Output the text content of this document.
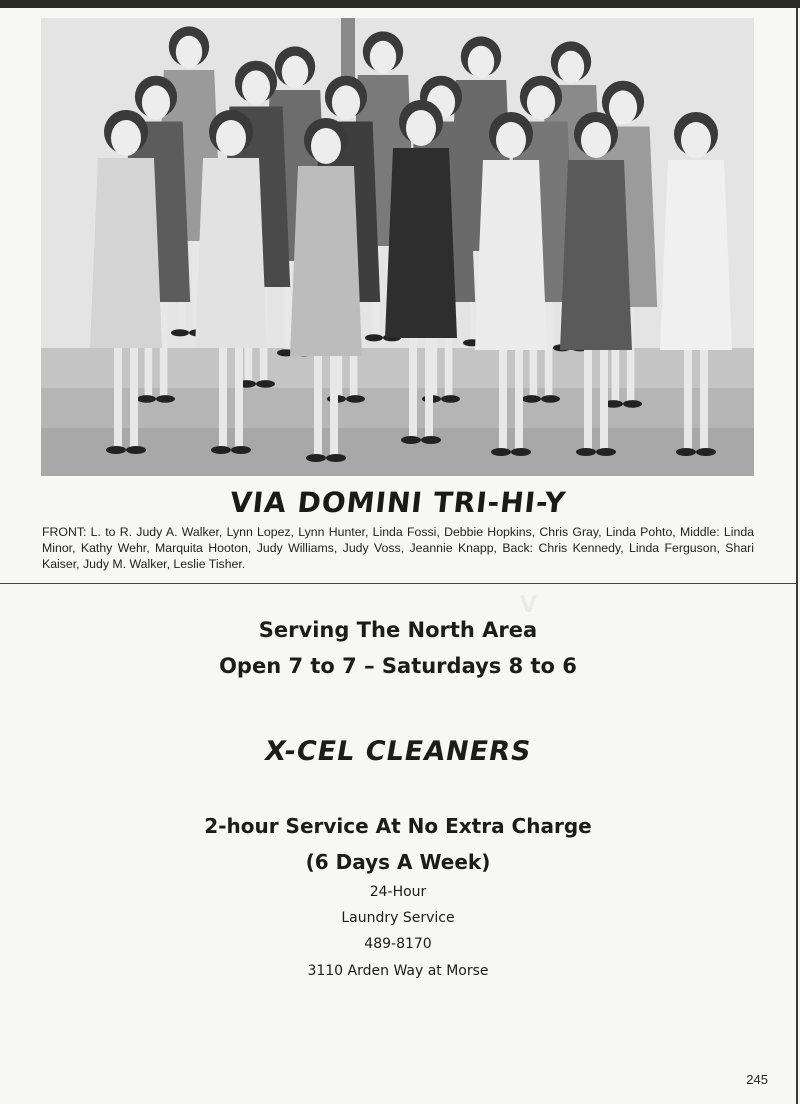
V
VIA DOMINI TRI-HI-Y
FRONT: L. to R. Judy A. Walker, Lynn Lopez, Lynn Hunter, Linda Fossi, Debbie Hopkins, Chris Gray, Linda Pohto, Middle: Linda Minor, Kathy Wehr, Marquita Hooton, Judy Williams, Judy Voss, Jeannie Knapp, Back: Chris Kennedy, Linda Ferguson, Shari Kaiser, Judy M. Walker, Leslie Tisher.
Serving The North Area
Open 7 to 7 – Saturdays 8 to 6
X-CEL CLEANERS
2-hour Service At No Extra Charge
(6 Days A Week)
24-Hour
Laundry Service
489-8170
3110 Arden Way at Morse
245
